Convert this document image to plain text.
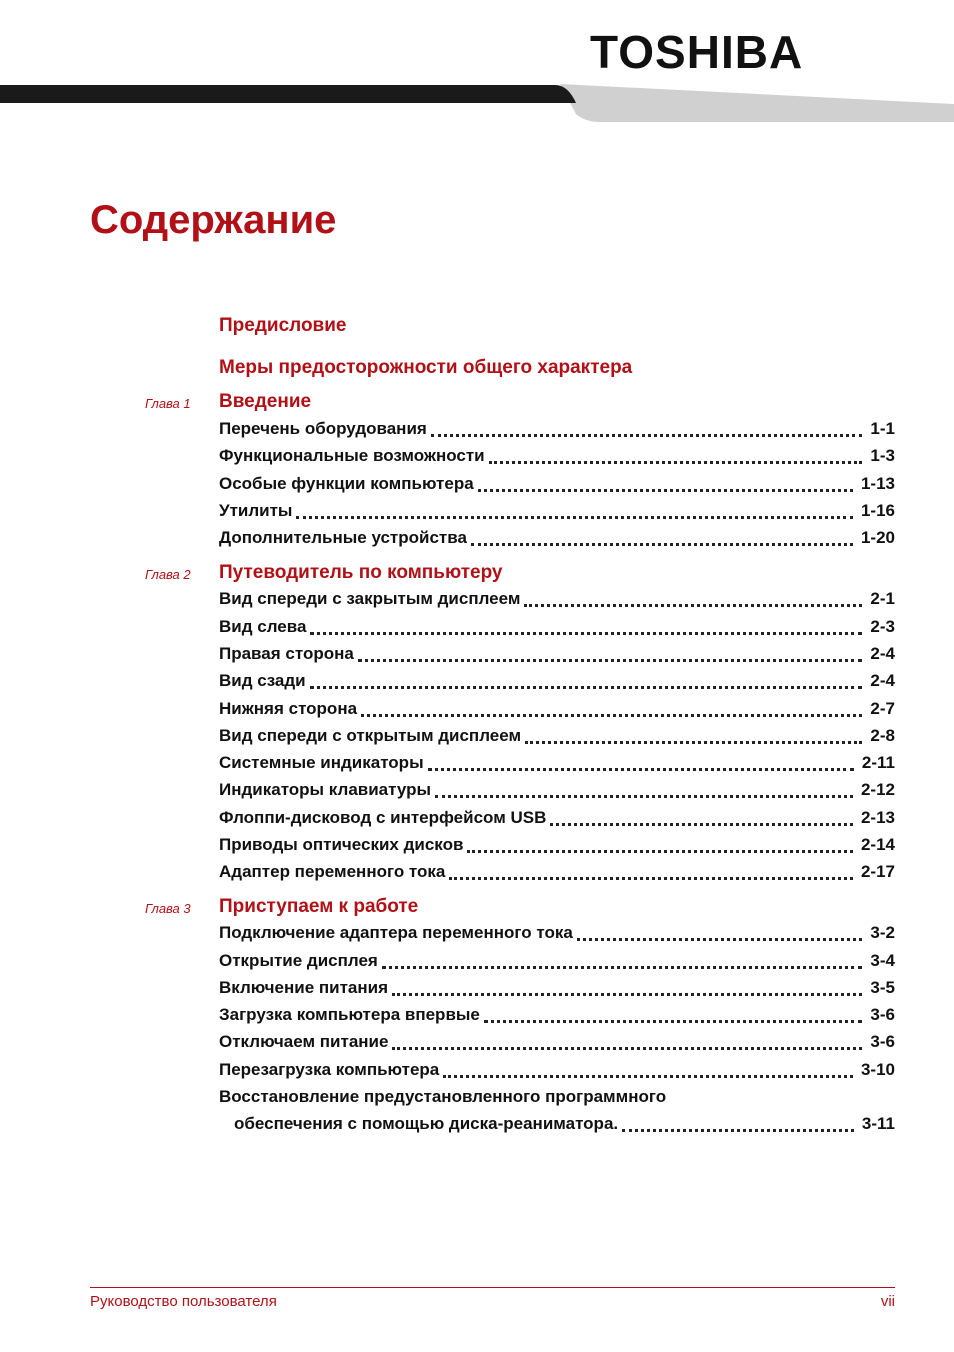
TOSHIBA
Содержание
Предисловие
Меры предосторожности общего характера
Глава 1 Введение
Перечень оборудования	1-1
Функциональные возможности	1-3
Особые функции компьютера	1-13
Утилиты	1-16
Дополнительные устройства	1-20
Глава 2 Путеводитель по компьютеру
Вид спереди с закрытым дисплеем	2-1
Вид слева	2-3
Правая сторона	2-4
Вид сзади	2-4
Нижняя сторона	2-7
Вид спереди с открытым дисплеем	2-8
Системные индикаторы	2-11
Индикаторы клавиатуры	2-12
Флоппи-дисковод с интерфейсом USB	2-13
Приводы оптических дисков	2-14
Адаптер переменного тока	2-17
Глава 3 Приступаем к работе
Подключение адаптера переменного тока	3-2
Открытие дисплея	3-4
Включение питания	3-5
Загрузка компьютера впервые	3-6
Отключаем питание	3-6
Перезагрузка компьютера	3-10
Восстановление предустановленного программного
обеспечения с помощью диска-реаниматора.	3-11
Руководство пользователя	vii
